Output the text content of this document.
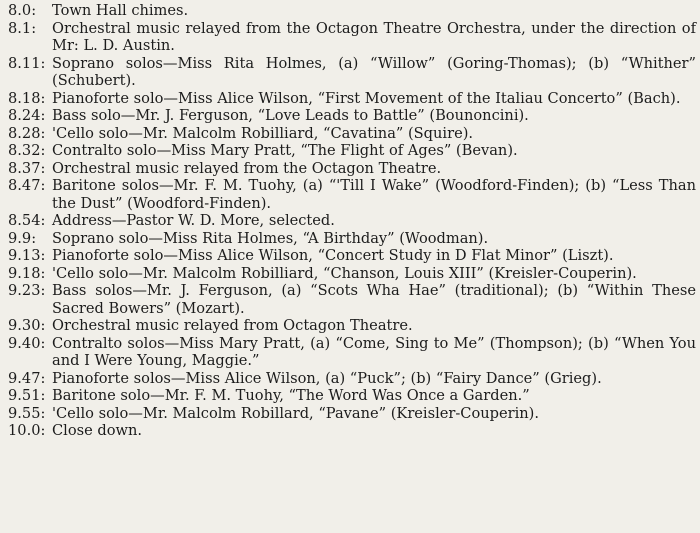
8.0:	Town Hall chimes.
8.1:	Orchestral music relayed from the Octagon Theatre Orchestra, under the direction of Mr: L. D. Austin.
8.11: Soprano solos—Miss Rita Holmes, (a) “Willow” (Goring-Thomas); (b) “Whither” (Schubert).
8.18: Pianoforte solo—Miss Alice Wilson, “First Movement of the Italiau Concerto” (Bach).
8.24: Bass solo—Mr. J. Ferguson, “Love Leads to Battle” (Bounoncini).
8.28: 'Cello solo—Mr. Malcolm Robilliard, “Cavatina” (Squire).
8.32: Contralto solo—Miss Mary Pratt, “The Flight of Ages” (Bevan).
8.37: Orchestral music relayed from the Octagon Theatre.
8.47: Baritone solos—Mr. F. M. Tuohy, (a) “'Till I Wake” (Woodford-Finden); (b) “Less Than the Dust” (Woodford-Finden).
8.54: Address—Pastor W. D. More, selected.
9.9:	Soprano solo—Miss Rita Holmes, “A Birthday” (Woodman).
9.13: Pianoforte solo—Miss Alice Wilson, “Concert Study in D Flat Minor” (Liszt).
9.18: 'Cello solo—Mr. Malcolm Robilliard, “Chanson, Louis XIII” (Kreisler-Couperin).
9.23: Bass solos—Mr. J. Ferguson, (a) “Scots Wha Hae” (traditional); (b) “Within These Sacred Bowers” (Mozart).
9.30: Orchestral music relayed from Octagon Theatre.
9.40: Contralto solos—Miss Mary Pratt, (a) “Come, Sing to Me” (Thompson); (b) “When You and I Were Young, Maggie.”
9.47: Pianoforte solos—Miss Alice Wilson, (a) “Puck”; (b) “Fairy Dance” (Grieg).
9.51: Baritone solo—Mr. F. M. Tuohy, “The Word Was Once a Garden.”
9.55: 'Cello solo—Mr. Malcolm Robillard, “Pavane” (Kreisler-Couperin).
10.0: Close down.
